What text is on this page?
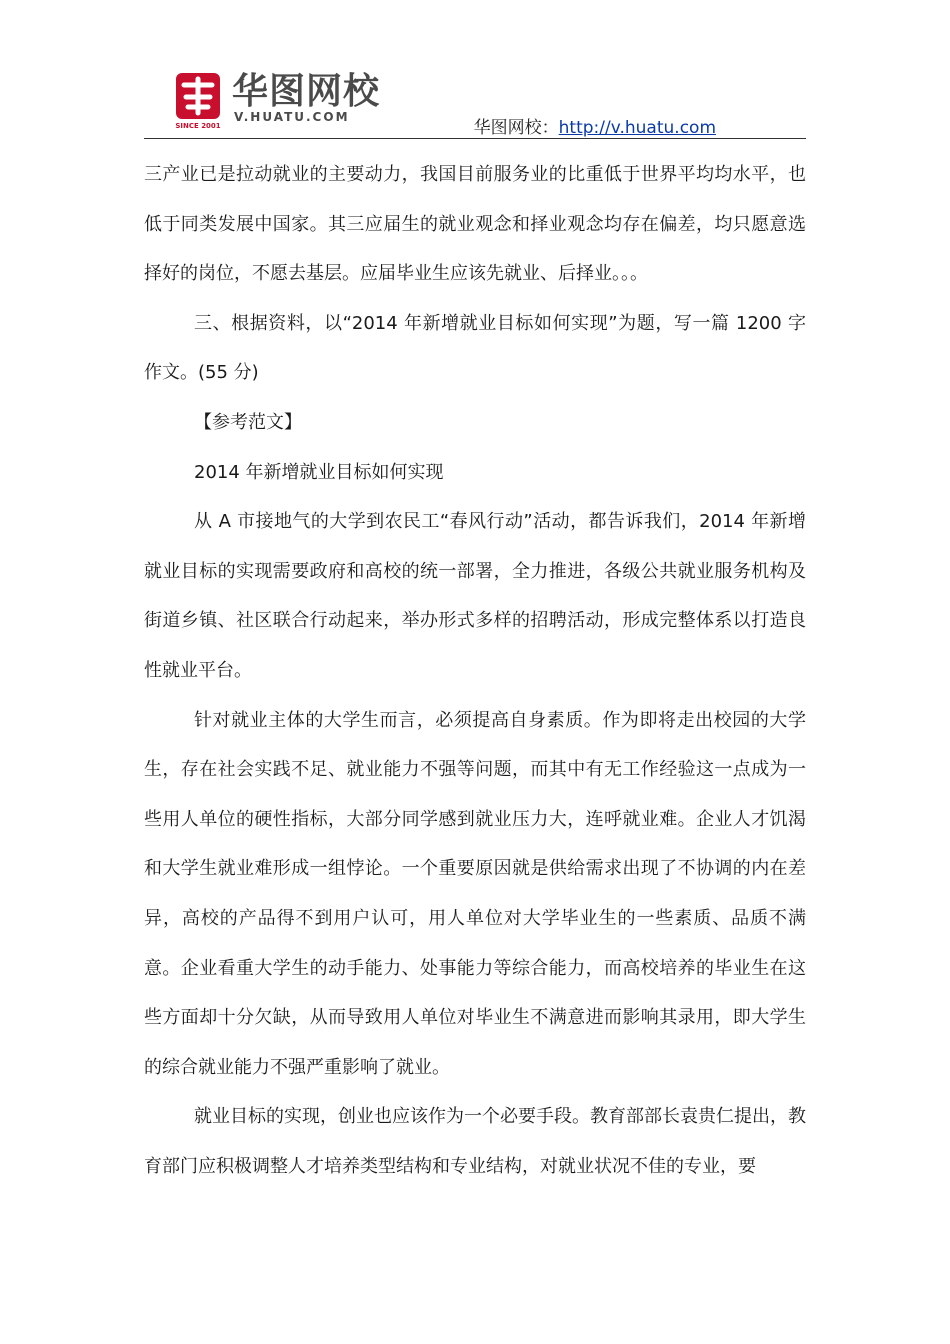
SINCE 2001
华图网校
V.HUATU.COM
华图网校：http://v.huatu.com

三产业已是拉动就业的主要动力，我国目前服务业的比重低于世界平均均水平，也低于同类发展中国家。其三应届生的就业观念和择业观念均存在偏差，均只愿意选择好的岗位，不愿去基层。应届毕业生应该先就业、后择业。。。

三、根据资料，以“2014 年新增就业目标如何实现”为题，写一篇 1200 字作文。(55 分)

【参考范文】

2014 年新增就业目标如何实现

从 A 市接地气的大学到农民工“春风行动”活动，都告诉我们，2014 年新增就业目标的实现需要政府和高校的统一部署，全力推进，各级公共就业服务机构及街道乡镇、社区联合行动起来，举办形式多样的招聘活动，形成完整体系以打造良性就业平台。

针对就业主体的大学生而言，必须提高自身素质。作为即将走出校园的大学生，存在社会实践不足、就业能力不强等问题，而其中有无工作经验这一点成为一些用人单位的硬性指标，大部分同学感到就业压力大，连呼就业难。企业人才饥渴和大学生就业难形成一组悖论。一个重要原因就是供给需求出现了不协调的内在差异，高校的产品得不到用户认可，用人单位对大学毕业生的一些素质、品质不满意。企业看重大学生的动手能力、处事能力等综合能力，而高校培养的毕业生在这些方面却十分欠缺，从而导致用人单位对毕业生不满意进而影响其录用，即大学生的综合就业能力不强严重影响了就业。

就业目标的实现，创业也应该作为一个必要手段。教育部部长袁贵仁提出，教育部门应积极调整人才培养类型结构和专业结构，对就业状况不佳的专业，要
